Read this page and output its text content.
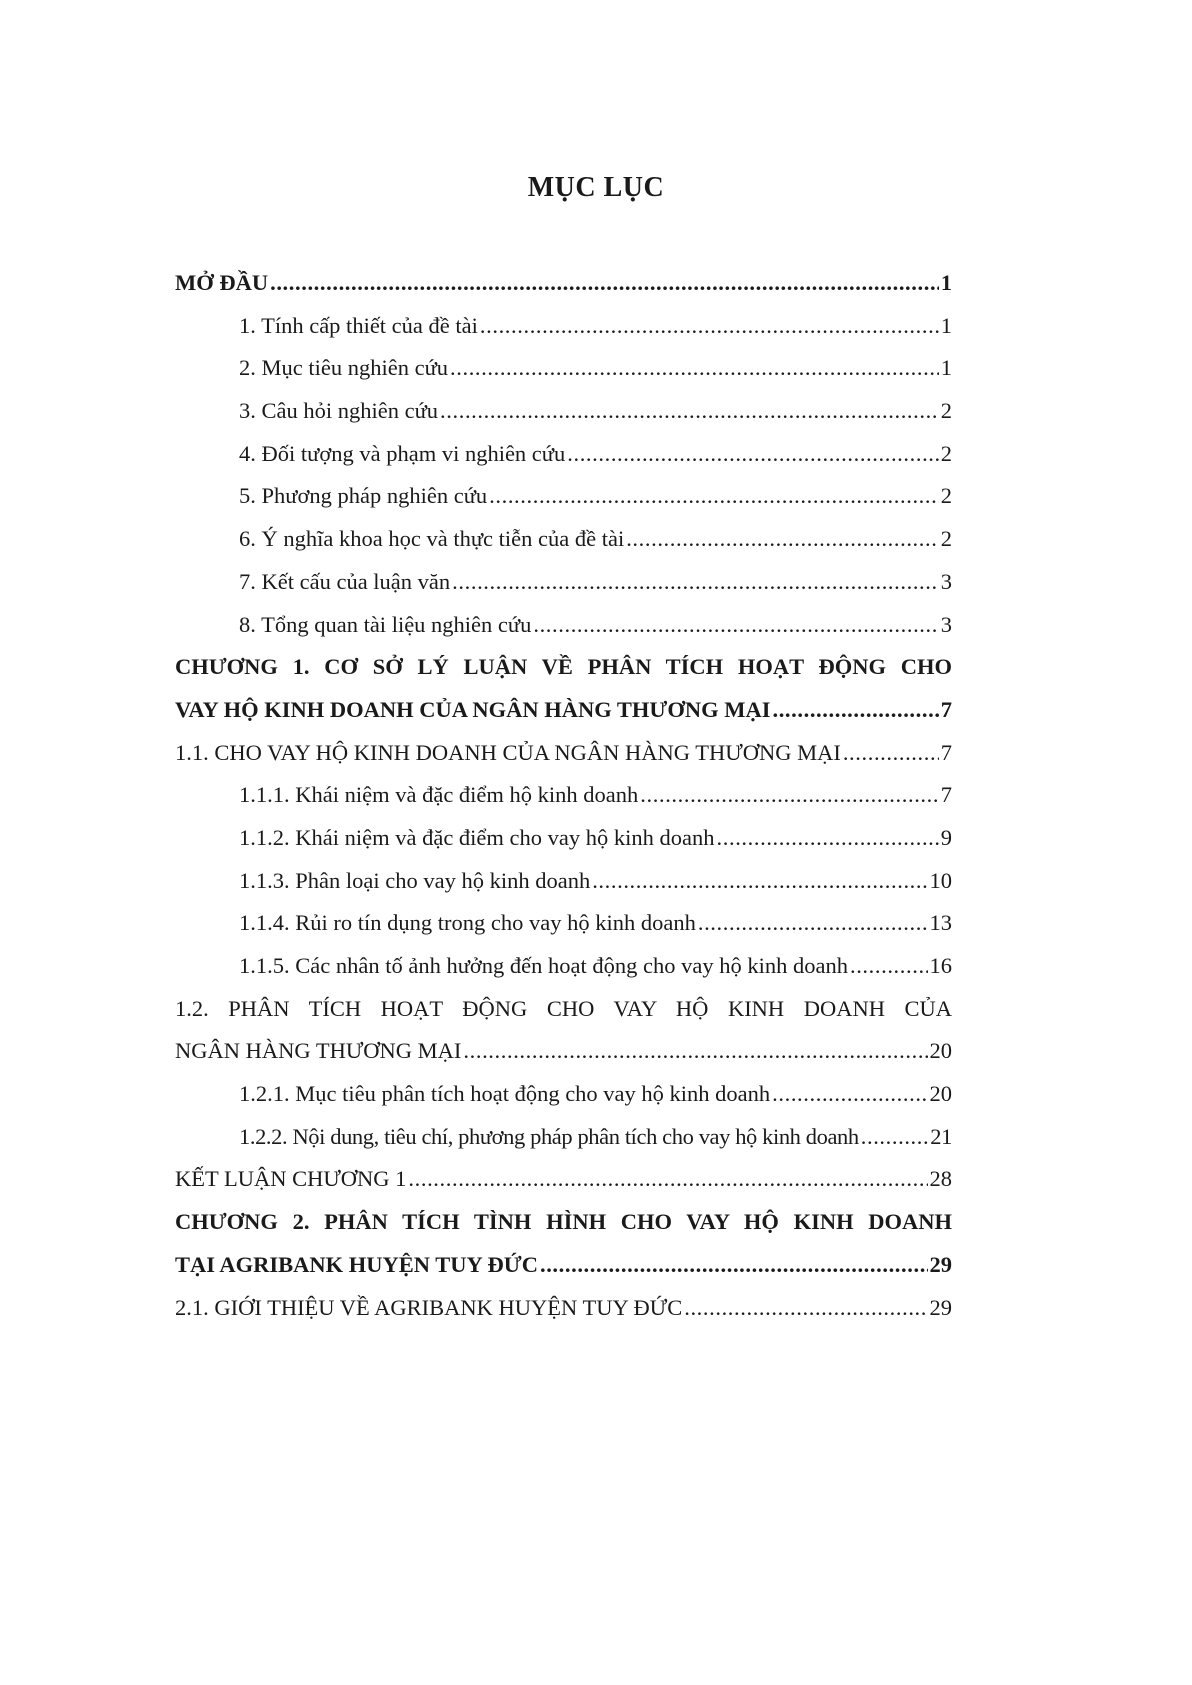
MỤC LỤC
MỞ ĐẦU .....	1
1. Tính cấp thiết của đề tài .....	1
2. Mục tiêu nghiên cứu .....	1
3. Câu hỏi nghiên cứu .....	2
4. Đối tượng và phạm vi nghiên cứu .....	2
5. Phương pháp nghiên cứu .....	2
6. Ý nghĩa khoa học và thực tiễn của đề tài .....	2
7. Kết cấu của luận văn .....	3
8. Tổng quan tài liệu nghiên cứu .....	3
CHƯƠNG 1. CƠ SỞ LÝ LUẬN VỀ PHÂN TÍCH HOẠT ĐỘNG CHO
VAY HỘ KINH DOANH CỦA NGÂN HÀNG THƯƠNG MẠI .....	7
1.1. CHO VAY HỘ KINH DOANH CỦA NGÂN HÀNG THƯƠNG MẠI .....	7
1.1.1. Khái niệm và đặc điểm hộ kinh doanh .....	7
1.1.2. Khái niệm và đặc điểm cho vay hộ kinh doanh .....	9
1.1.3. Phân loại cho vay hộ kinh doanh .....	10
1.1.4. Rủi ro tín dụng trong cho vay hộ kinh doanh .....	13
1.1.5. Các nhân tố ảnh hưởng đến hoạt động cho vay hộ kinh doanh .....	16
1.2. PHÂN TÍCH HOẠT ĐỘNG CHO VAY HỘ KINH DOANH CỦA
NGÂN HÀNG THƯƠNG MẠI .....	20
1.2.1. Mục tiêu phân tích hoạt động cho vay hộ kinh doanh .....	20
1.2.2. Nội dung, tiêu chí, phương pháp phân tích cho vay hộ kinh doanh .....	21
KẾT LUẬN CHƯƠNG 1 .....	28
CHƯƠNG 2. PHÂN TÍCH TÌNH HÌNH CHO VAY HỘ KINH DOANH
TẠI AGRIBANK HUYỆN TUY ĐỨC .....	29
2.1. GIỚI THIỆU VỀ AGRIBANK HUYỆN TUY ĐỨC .....	29
